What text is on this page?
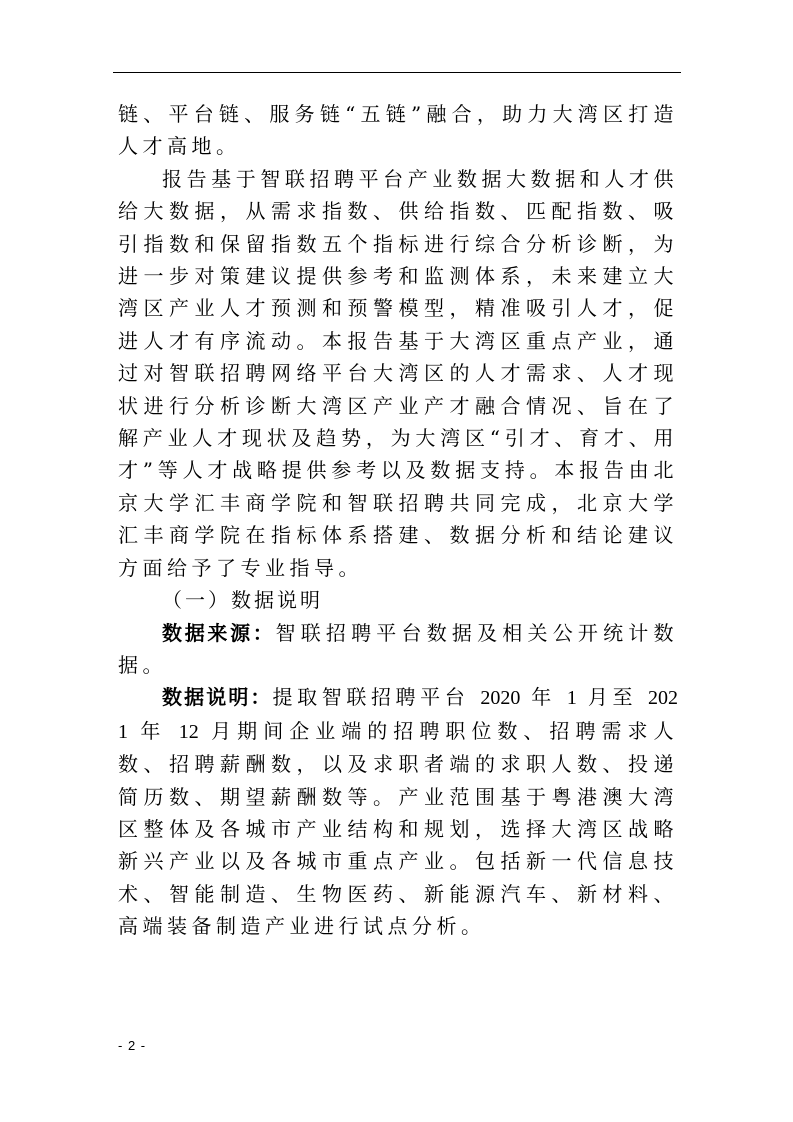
链、平台链、服务链“五链”融合，助力大湾区打造人才高地。

报告基于智联招聘平台产业数据大数据和人才供给大数据，从需求指数、供给指数、匹配指数、吸引指数和保留指数五个指标进行综合分析诊断，为进一步对策建议提供参考和监测体系，未来建立大湾区产业人才预测和预警模型，精准吸引人才，促进人才有序流动。本报告基于大湾区重点产业，通过对智联招聘网络平台大湾区的人才需求、人才现状进行分析诊断大湾区产业产才融合情况、旨在了解产业人才现状及趋势，为大湾区“引才、育才、用才”等人才战略提供参考以及数据支持。本报告由北京大学汇丰商学院和智联招聘共同完成，北京大学汇丰商学院在指标体系搭建、数据分析和结论建议方面给予了专业指导。

（一）数据说明

数据来源：智联招聘平台数据及相关公开统计数据。

数据说明：提取智联招聘平台 2020 年 1 月至 2021 年 12 月期间企业端的招聘职位数、招聘需求人数、招聘薪酬数，以及求职者端的求职人数、投递简历数、期望薪酬数等。产业范围基于粤港澳大湾区整体及各城市产业结构和规划，选择大湾区战略新兴产业以及各城市重点产业。包括新一代信息技术、智能制造、生物医药、新能源汽车、新材料、高端装备制造产业进行试点分析。

- 2 -
